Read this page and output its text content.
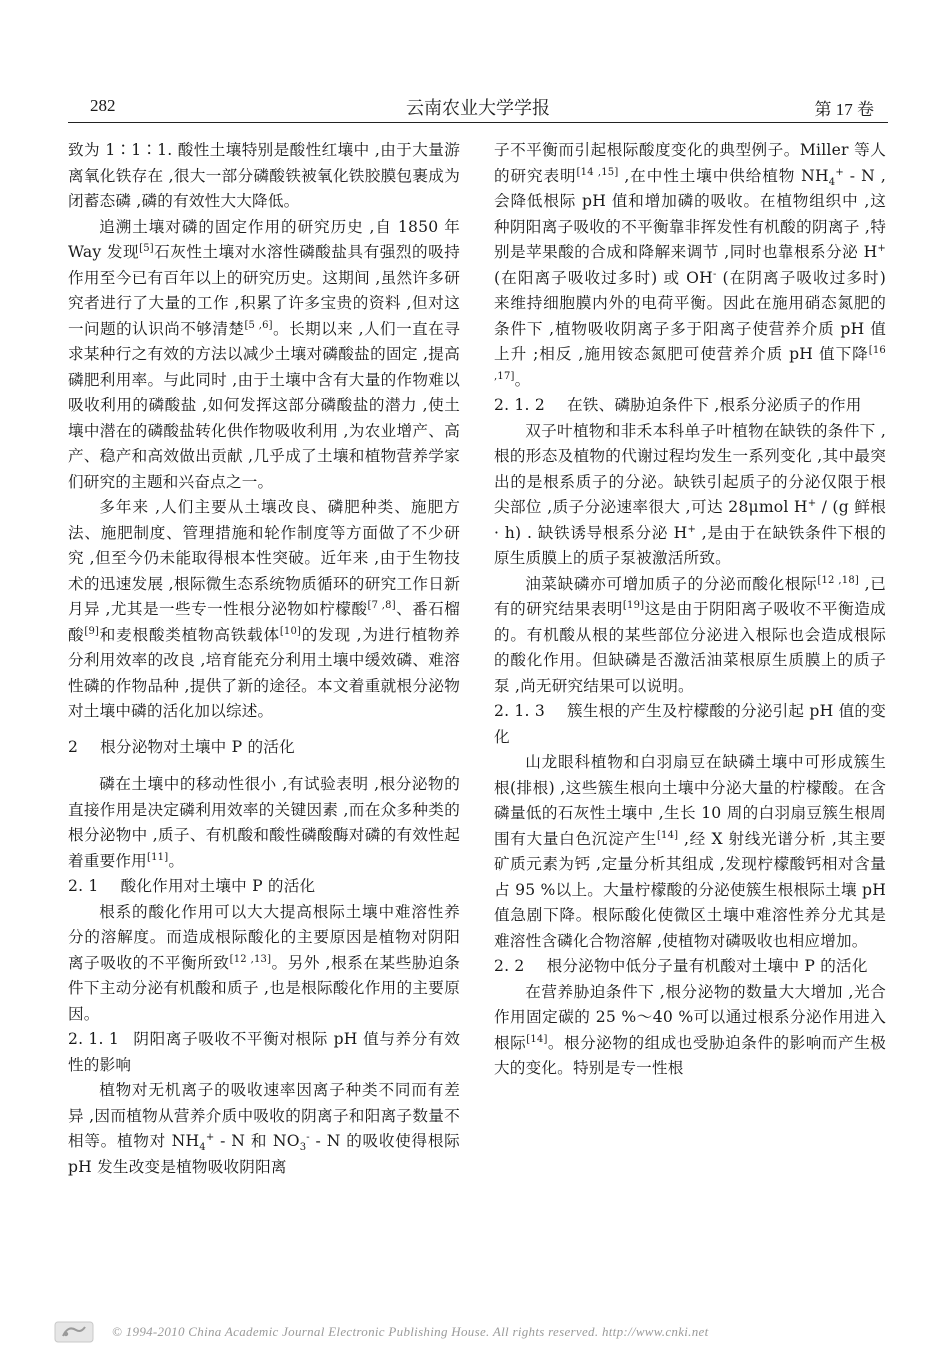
282	云南农业大学学报	第 17 卷

致为 1∶1∶1. 酸性土壤特别是酸性红壤中 ,由于大量游离氧化铁存在 ,很大一部分磷酸铁被氧化铁胶膜包裹成为闭蓄态磷 ,磷的有效性大大降低。

追溯土壤对磷的固定作用的研究历史 ,自 1850 年 Way 发现[5]石灰性土壤对水溶性磷酸盐具有强烈的吸持作用至今已有百年以上的研究历史。这期间 ,虽然许多研究者进行了大量的工作 ,积累了许多宝贵的资料 ,但对这一问题的认识尚不够清楚[5 ,6]。长期以来 ,人们一直在寻求某种行之有效的方法以减少土壤对磷酸盐的固定 ,提高磷肥利用率。与此同时 ,由于土壤中含有大量的作物难以吸收利用的磷酸盐 ,如何发挥这部分磷酸盐的潜力 ,使土壤中潜在的磷酸盐转化供作物吸收利用 ,为农业增产、高产、稳产和高效做出贡献 ,几乎成了土壤和植物营养学家们研究的主题和兴奋点之一。

多年来 ,人们主要从土壤改良、磷肥种类、施肥方法、施肥制度、管理措施和轮作制度等方面做了不少研究 ,但至今仍未能取得根本性突破。近年来 ,由于生物技术的迅速发展 ,根际微生态系统物质循环的研究工作日新月异 ,尤其是一些专一性根分泌物如柠檬酸[7 ,8]、番石榴酸[9]和麦根酸类植物高铁载体[10]的发现 ,为进行植物养分利用效率的改良 ,培育能充分利用土壤中缓效磷、难溶性磷的作物品种 ,提供了新的途径。本文着重就根分泌物对土壤中磷的活化加以综述。

2 根分泌物对土壤中 P 的活化

磷在土壤中的移动性很小 ,有试验表明 ,根分泌物的直接作用是决定磷利用效率的关键因素 ,而在众多种类的根分泌物中 ,质子、有机酸和酸性磷酸酶对磷的有效性起着重要作用[11]。

2. 1 酸化作用对土壤中 P 的活化

根系的酸化作用可以大大提高根际土壤中难溶性养分的溶解度。而造成根际酸化的主要原因是植物对阴阳离子吸收的不平衡所致[12 ,13]。另外 ,根系在某些胁迫条件下主动分泌有机酸和质子 ,也是根际酸化作用的主要原因。

2. 1. 1 阴阳离子吸收不平衡对根际 pH 值与养分有效性的影响

植物对无机离子的吸收速率因离子种类不同而有差异 ,因而植物从营养介质中吸收的阴离子和阳离子数量不相等。植物对 $NH_4^+$ - N 和 $NO_3^-$ - N 的吸收使得根际 pH 发生改变是植物吸收阴阳离

子不平衡而引起根际酸度变化的典型例子。Miller 等人的研究表明[14 ,15] ,在中性土壤中供给植物 $NH_4^+$ - N ,会降低根际 pH 值和增加磷的吸收。在植物组织中 ,这种阴阳离子吸收的不平衡靠非挥发性有机酸的阴离子 ,特别是苹果酸的合成和降解来调节 ,同时也靠根系分泌 H+ (在阳离子吸收过多时) 或 OH- (在阴离子吸收过多时) 来维持细胞膜内外的电荷平衡。因此在施用硝态氮肥的条件下 ,植物吸收阴离子多于阳离子使营养介质 pH 值上升 ;相反 ,施用铵态氮肥可使营养介质 pH 值下降[16 ,17]。

2. 1. 2 在铁、磷胁迫条件下 ,根系分泌质子的作用

双子叶植物和非禾本科单子叶植物在缺铁的条件下 ,根的形态及植物的代谢过程均发生一系列变化 ,其中最突出的是根系质子的分泌。缺铁引起质子的分泌仅限于根尖部位 ,质子分泌速率很大 ,可达 28μmol H+ / (g 鲜根· h) . 缺铁诱导根系分泌 H+ ,是由于在缺铁条件下根的原生质膜上的质子泵被激活所致。

油菜缺磷亦可增加质子的分泌而酸化根际[12 ,18] ,已有的研究结果表明[19]这是由于阴阳离子吸收不平衡造成的。有机酸从根的某些部位分泌进入根际也会造成根际的酸化作用。但缺磷是否激活油菜根原生质膜上的质子泵 ,尚无研究结果可以说明。

2. 1. 3 簇生根的产生及柠檬酸的分泌引起 pH 值的变化

山龙眼科植物和白羽扇豆在缺磷土壤中可形成簇生根(排根) ,这些簇生根向土壤中分泌大量的柠檬酸。在含磷量低的石灰性土壤中 ,生长 10 周的白羽扇豆簇生根周围有大量白色沉淀产生[14] ,经 X 射线光谱分析 ,其主要矿质元素为钙 ,定量分析其组成 ,发现柠檬酸钙相对含量占 95 %以上。大量柠檬酸的分泌使簇生根根际土壤 pH 值急剧下降。根际酸化使微区土壤中难溶性养分尤其是难溶性含磷化合物溶解 ,使植物对磷吸收也相应增加。

2. 2 根分泌物中低分子量有机酸对土壤中 P 的活化

在营养胁迫条件下 ,根分泌物的数量大大增加 ,光合作用固定碳的 25 %～40 %可以通过根系分泌作用进入根际[14]。根分泌物的组成也受胁迫条件的影响而产生极大的变化。特别是专一性根

© 1994-2010 China Academic Journal Electronic Publishing House. All rights reserved. http://www.cnki.net
